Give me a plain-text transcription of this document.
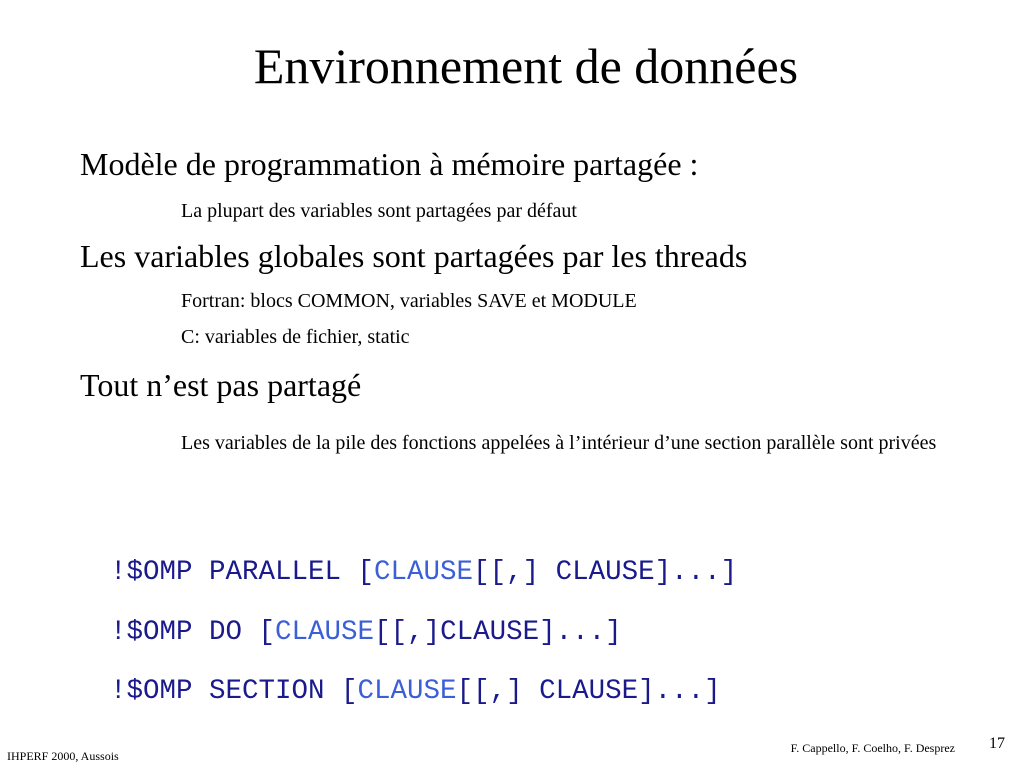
Environnement de données
Modèle de programmation à mémoire partagée :
La plupart des variables sont partagées par défaut
Les variables globales sont partagées par les threads
Fortran: blocs COMMON, variables SAVE et MODULE
C: variables de fichier, static
Tout n’est pas partagé
Les variables de la pile des fonctions appelées à l’intérieur d’une section parallèle sont privées
!$OMP PARALLEL [CLAUSE[[,] CLAUSE]...]
!$OMP DO [CLAUSE[[,]CLAUSE]...]
!$OMP SECTION [CLAUSE[[,] CLAUSE]...]
IHPERF 2000, Aussois
F. Cappello, F. Coelho, F. Desprez 17
